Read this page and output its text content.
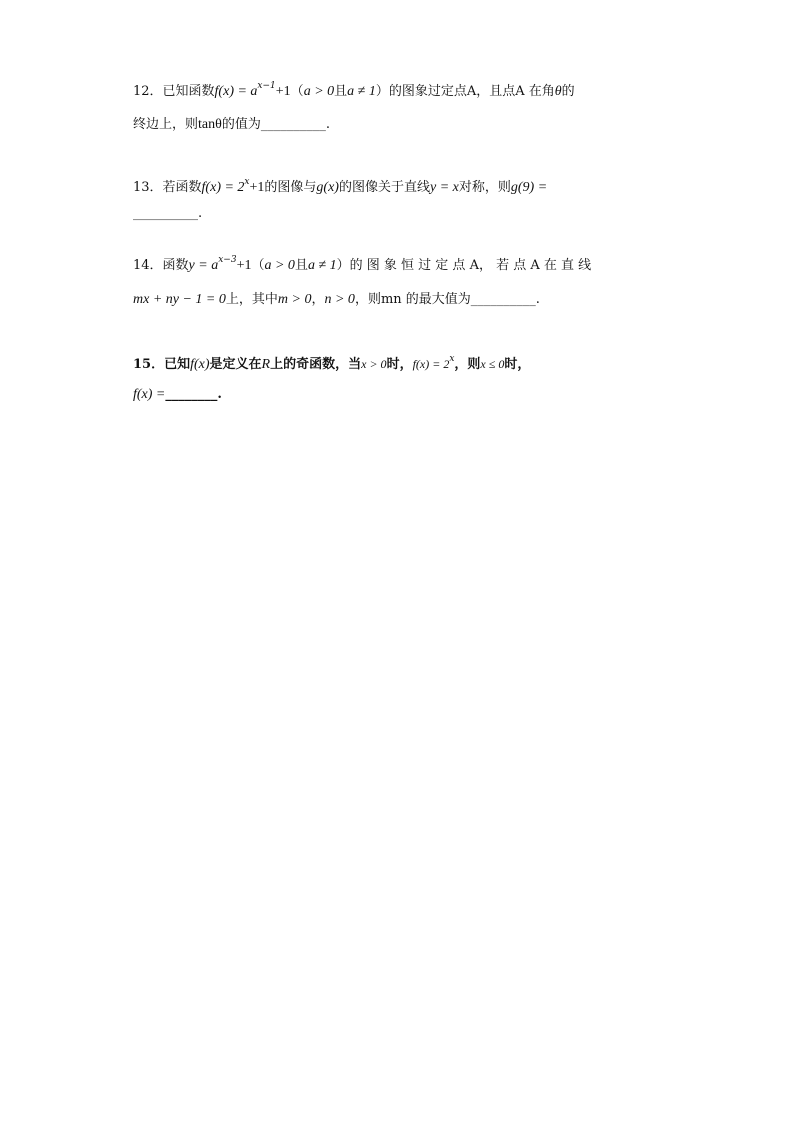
12．已知函数$f(x) = a^{x-1}+1(a > 0$且a ≠ 1）的图象过定点A，且点A 在角θ的
终边上，则tanθ的值为__________.
13．若函数$f(x) = 2^x+1$的图像与g(x)的图像关于直线y = x对称，则g(9) =
__________.
14．函数$y = a^{x-3}+1(a > 0$且a ≠ 1）的 图 象 恒 过 定 点 A， 若 点 A 在 直 线
mx + ny − 1 = 0上，其中m > 0，n > 0，则mn 的最大值为__________.
15．已知f(x)是定义在R上的奇函数，当x > 0时，$f(x) = 2^x$，则x ≤ 0时，
f(x) =________.
